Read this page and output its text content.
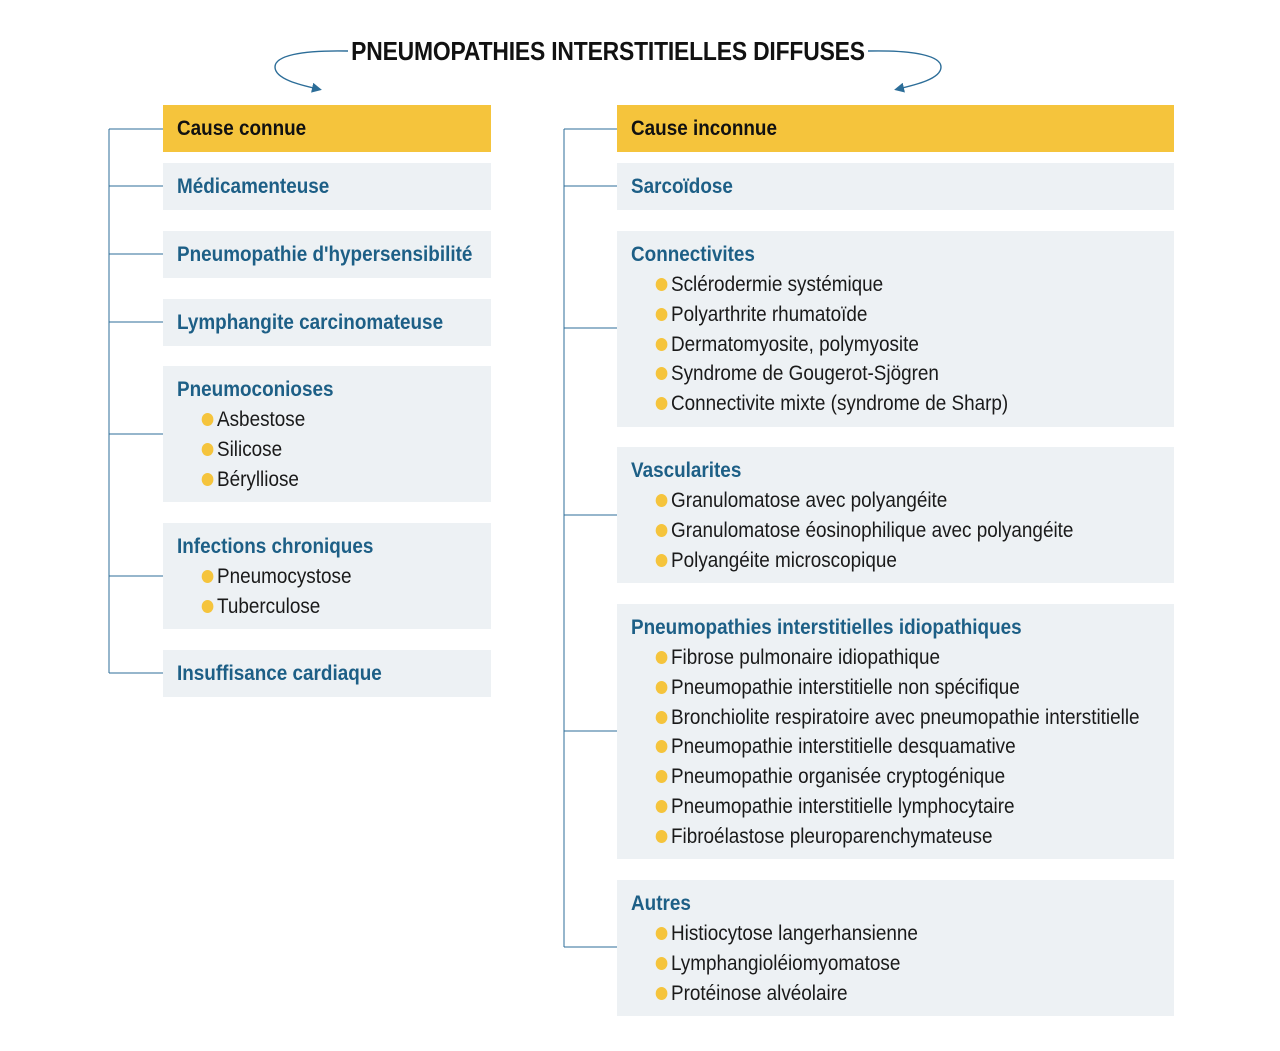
PNEUMOPATHIES INTERSTITIELLES DIFFUSES
Cause connue
Médicamenteuse
Pneumopathie d'hypersensibilité
Lymphangite carcinomateuse
Pneumoconioses
Asbestose
Silicose
Bérylliose
Infections chroniques
Pneumocystose
Tuberculose
Insuffisance cardiaque
Cause inconnue
Sarcoïdose
Connectivites
Sclérodermie systémique
Polyarthrite rhumatoïde
Dermatomyosite, polymyosite
Syndrome de Gougerot-Sjögren
Connectivite mixte (syndrome de Sharp)
Vascularites
Granulomatose avec polyangéite
Granulomatose éosinophilique avec polyangéite
Polyangéite microscopique
Pneumopathies interstitielles idiopathiques
Fibrose pulmonaire idiopathique
Pneumopathie interstitielle non spécifique
Bronchiolite respiratoire avec pneumopathie interstitielle
Pneumopathie interstitielle desquamative
Pneumopathie organisée cryptogénique
Pneumopathie interstitielle lymphocytaire
Fibroélastose pleuroparenchymateuse
Autres
Histiocytose langerhansienne
Lymphangioléiomyomatose
Protéinose alvéolaire
